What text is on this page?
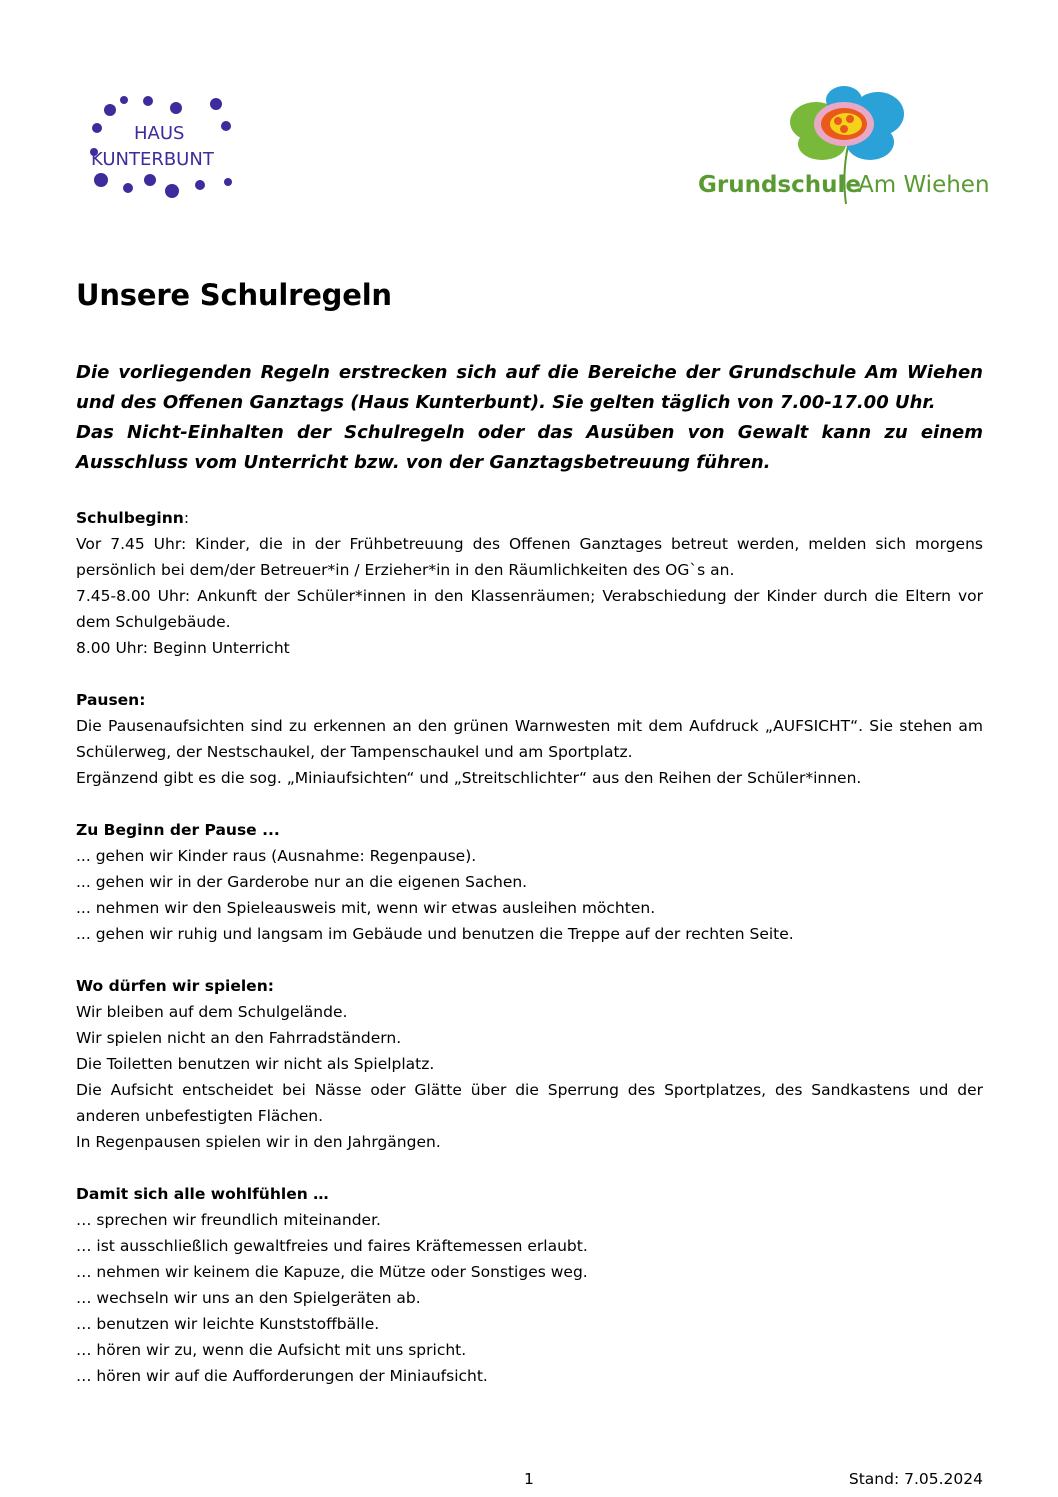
HAUS
KUNTERBUNT
Grundschule
Am Wiehen
Unsere Schulregeln
Die vorliegenden Regeln erstrecken sich auf die Bereiche der Grundschule Am Wiehen und des Offenen Ganztags (Haus Kunterbunt). Sie gelten täglich von 7.00-17.00 Uhr.
Das Nicht-Einhalten der Schulregeln oder das Ausüben von Gewalt kann zu einem Ausschluss vom Unterricht bzw. von der Ganztagsbetreuung führen.
Schulbeginn:
Vor 7.45 Uhr: Kinder, die in der Frühbetreuung des Offenen Ganztages betreut werden, melden sich morgens persönlich bei dem/der Betreuer*in / Erzieher*in in den Räumlichkeiten des OG`s an.
7.45-8.00 Uhr: Ankunft der Schüler*innen in den Klassenräumen; Verabschiedung der Kinder durch die Eltern vor dem Schulgebäude.
8.00 Uhr: Beginn Unterricht
Pausen:
Die Pausenaufsichten sind zu erkennen an den grünen Warnwesten mit dem Aufdruck „AUFSICHT“. Sie stehen am Schülerweg, der Nestschaukel, der Tampenschaukel und am Sportplatz.
Ergänzend gibt es die sog. „Miniaufsichten“ und „Streitschlichter“ aus den Reihen der Schüler*innen.
Zu Beginn der Pause ...
... gehen wir Kinder raus (Ausnahme: Regenpause).
... gehen wir in der Garderobe nur an die eigenen Sachen.
... nehmen wir den Spieleausweis mit, wenn wir etwas ausleihen möchten.
... gehen wir ruhig und langsam im Gebäude und benutzen die Treppe auf der rechten Seite.
Wo dürfen wir spielen:
Wir bleiben auf dem Schulgelände.
Wir spielen nicht an den Fahrradständern.
Die Toiletten benutzen wir nicht als Spielplatz.
Die Aufsicht entscheidet bei Nässe oder Glätte über die Sperrung des Sportplatzes, des Sandkastens und der anderen unbefestigten Flächen.
In Regenpausen spielen wir in den Jahrgängen.
Damit sich alle wohlfühlen …
… sprechen wir freundlich miteinander.
… ist ausschließlich gewaltfreies und faires Kräftemessen erlaubt.
… nehmen wir keinem die Kapuze, die Mütze oder Sonstiges weg.
… wechseln wir uns an den Spielgeräten ab.
… benutzen wir leichte Kunststoffbälle.
… hören wir zu, wenn die Aufsicht mit uns spricht.
… hören wir auf die Aufforderungen der Miniaufsicht.
1	Stand: 7.05.2024
